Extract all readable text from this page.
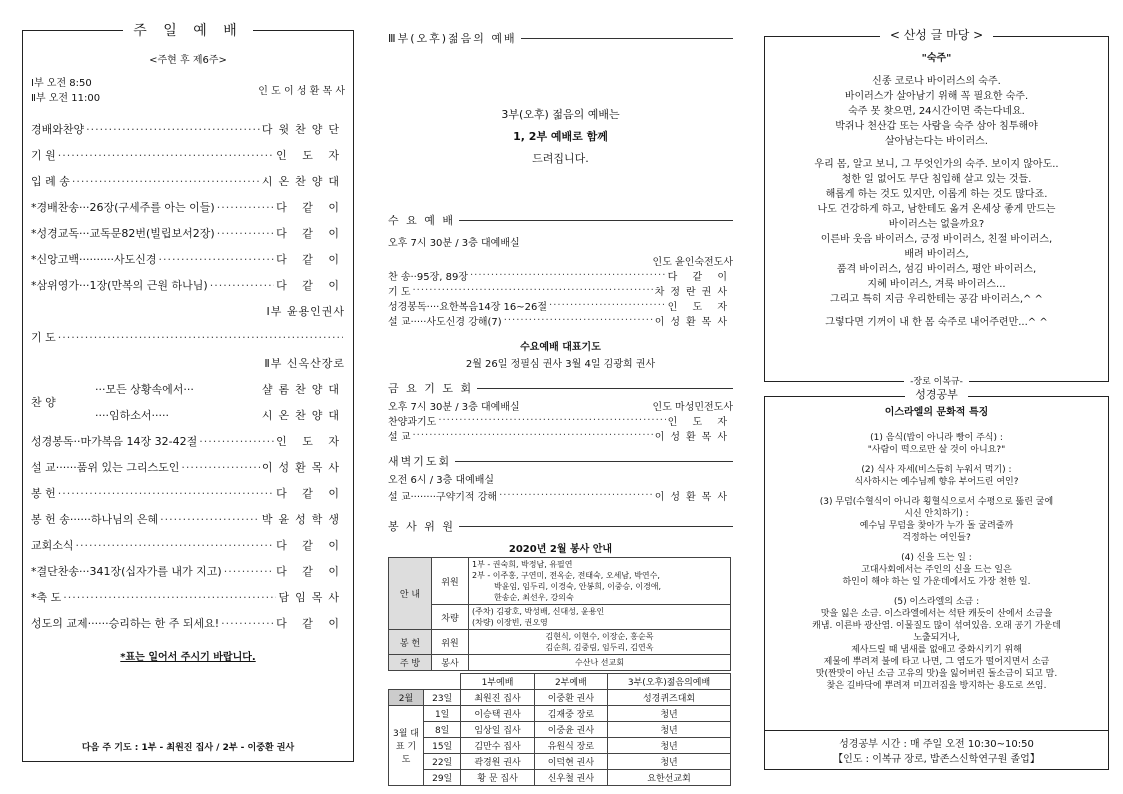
주 일 예 배
<주현 후 제6주>
Ⅰ부 오전 8:50
Ⅱ부 오전 11:00
인 도 이 성 환 목 사
경배와찬양 ·····	다윗찬양단
기 원 ·····	인 도 자
입 례 송 ·····	시온찬양대
*경배찬송···26장(구세주를 아는 이들) ·····	다 같 이
*성경교독···교독문82번(빌립보서2장) ·····	다 같 이
*신앙고백··········사도신경 ·····	다 같 이
*삼위영가···1장(만복의 근원 하나님) ·····	다 같 이
Ⅰ부 윤용인권사
기 도
·····
Ⅱ부 신옥산장로
찬 양
···모든 상황속에서···	샬롬찬양대
····임하소서·····	시온찬양대
성경봉독··마가복음 14장 32-42절 ·····	인 도 자
설 교······품위 있는 그리스도인 ·····	이성환목사
봉 헌 ·····	다 같 이
봉 헌 송······하나님의 은혜 ·····	박윤성학생
교회소식 ·····	다 같 이
*결단찬송···341장(십자가를 내가 지고) ·····	다 같 이
*축 도 ·····	담임목사
성도의 교제······승리하는 한 주 되세요! ·····	다 같 이
*표는 일어서 주시기 바랍니다.
다음 주 기도 : 1부 - 최원진 집사 / 2부 - 이중환 권사
Ⅲ부(오후)젊음의 예배
3부(오후) 젊음의 예배는
1, 2부 예배로 함께
드려집니다.
수 요 예 배
오후 7시 30분 / 3층 대예배실
인도 윤인숙전도사
찬 송··95장, 89장 ·····	다 같 이
기 도 ·····	차정란권사
성경봉독····요한복음14장 16~26절 ·····	인 도 자
설 교·····사도신경 강해(7) ·····	이성환목사
수요예배 대표기도
2월 26일 정필심 권사 3월 4일 김광희 권사
금 요 기 도 회
오후 7시 30분 / 3층 대예배실	인도 마성민전도사
찬양과기도 ·····	인 도 자
설 교 ·····	이성환목사
새벽기도회
오전 6시 / 3층 대예배실
설 교········구약기적 강해 ·····	이성환목사
봉 사 위 원
2020년 2월 봉사 안내
안 내	위원	1부 - 권숙희, 박정남, 유필연
2부 - 이주홍, 구연미, 전옥순, 전태숙, 오세남, 박연수,
박윤임, 임두리, 이경숙, 안봉희, 이중승, 이경애,
한송순, 최선우, 강의숙

	차량	(주차) 김광호, 박성배, 신대성, 윤용인
(차량) 이장빈, 권오영

봉 헌	위원	김현식, 이현수, 이장순, 홍순목
김순희, 김중림, 임두리, 김연옥

주 방	봉사	수산나 선교회
		1부예배	2부예배	3부(오후)젊음의예배
2월	23일	최원진 집사	이중환 권사	성경퀴즈대회
3월 대표 기도	1일	이승택 권사	김재중 장로	청년
	8일	임상일 집사	이중윤 권사	청년
	15일	김만수 집사	유원식 장로	청년
	22일	곽경원 권사	이덕현 권사	청년
	29일	황 문 집사	신우철 권사	요한선교회
< 산성 글 마당 >
"숙주"
신종 코로나 바이러스의 숙주.
바이러스가 살아남기 위해 꼭 필요한 숙주.
숙주 못 찾으면, 24시간이면 죽는다네요.
박쥐나 천산갑 또는 사람을 숙주 삼아 침투해야
살아남는다는 바이러스.
우리 몸, 알고 보니, 그 무엇인가의 숙주. 보이지 않아도..
청한 일 없어도 무단 침입해 살고 있는 것들.
해롭게 하는 것도 있지만, 이롭게 하는 것도 많다죠.
나도 건강하게 하고, 남한테도 옮겨 온세상 좋게 만드는
바이러스는 없을까요?
이른바 웃음 바이러스, 긍정 바이러스, 친절 바이러스,
배려 바이러스,
품격 바이러스, 섬김 바이러스, 평안 바이러스,
지혜 바이러스, 겨룩 바이러스...
그리고 특히 지금 우리한테는 공감 바이러스,^ ^
그렇다면 기꺼이 내 한 몸 숙주로 내어주련만...^ ^
-장로 이복규-
성경공부
이스라엘의 문화적 특징
(1) 음식(밥이 아니라 빵이 주식) :
"사람이 떡으로만 살 것이 아니요?"
(2) 식사 자세(비스듬히 누워서 먹기) :
식사하시는 예수님께 향유 부어드린 여인?
(3) 무덤(수혈식이 아니라 횡혈식으로서 수평으로 뚫린 굴에
시신 안치하기) :
예수님 무덤을 찾아가 누가 돌 굴려줄까
걱정하는 여인들?
(4) 신을 드는 일 :
고대사회에서는 주인의 신을 드는 일은
하인이 해야 하는 일 가운데에서도 가장 천한 일.
(5) 이스라엘의 소금 :
맛을 잃은 소금. 이스라엘에서는 석탄 캐듯이 산에서 소금을
캐냄. 이른바 광산염. 이물질도 많이 섞여있음. 오래 공기 가운데
노출되거나,
제사드릴 때 냄새를 없애고 중화시키기 위해
제물에 뿌려져 불에 타고 나면, 그 염도가 떨어지면서 소금
맛(짠맛이 아닌 소금 고유의 맛)을 잃어버린 돌소금이 되고 맘.
찾은 길바닥에 뿌려져 미끄러짐을 방지하는 용도로 쓰임.
성경공부 시간 : 매 주일 오전 10:30~10:50
【인도 : 이복규 장로, 밥존스신학연구원 졸업】
